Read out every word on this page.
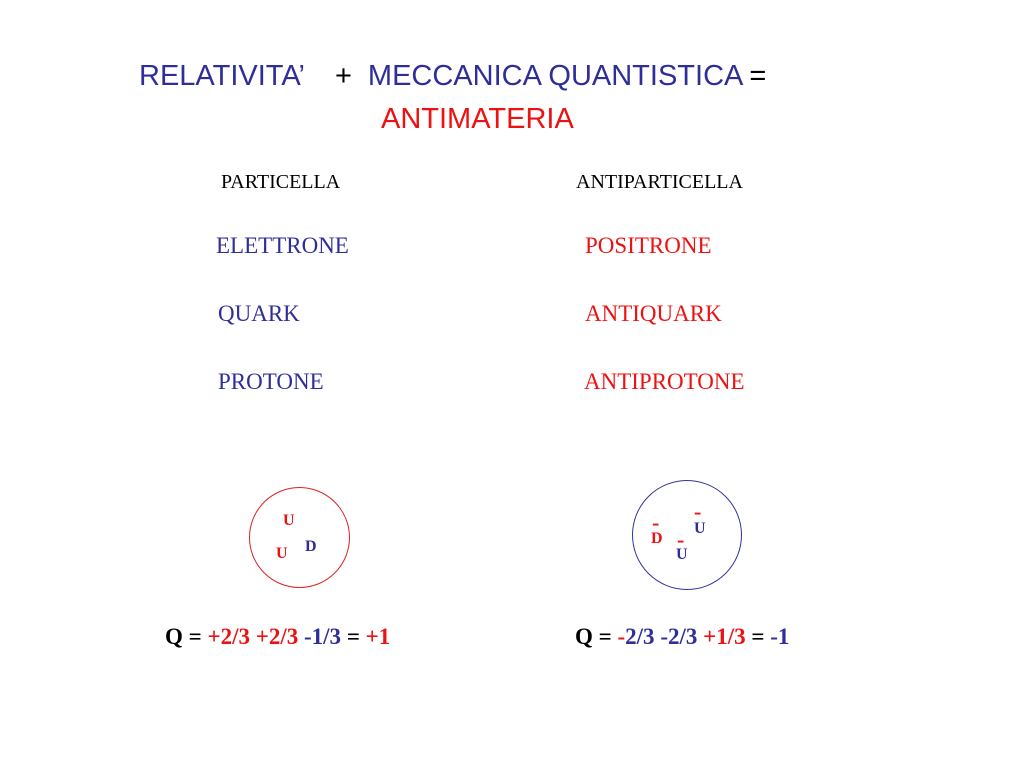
RELATIVITA’ + MECCANICA QUANTISTICA =
ANTIMATERIA
PARTICELLA	ANTIPARTICELLA
ELETTRONE	POSITRONE
QUARK	ANTIQUARK
PROTONE	ANTIPROTONE
U
U D
-
D
-
U
-
U
Q = +2/3 +2/3 -1/3 = +1	Q = -2/3 -2/3 +1/3 = -1
